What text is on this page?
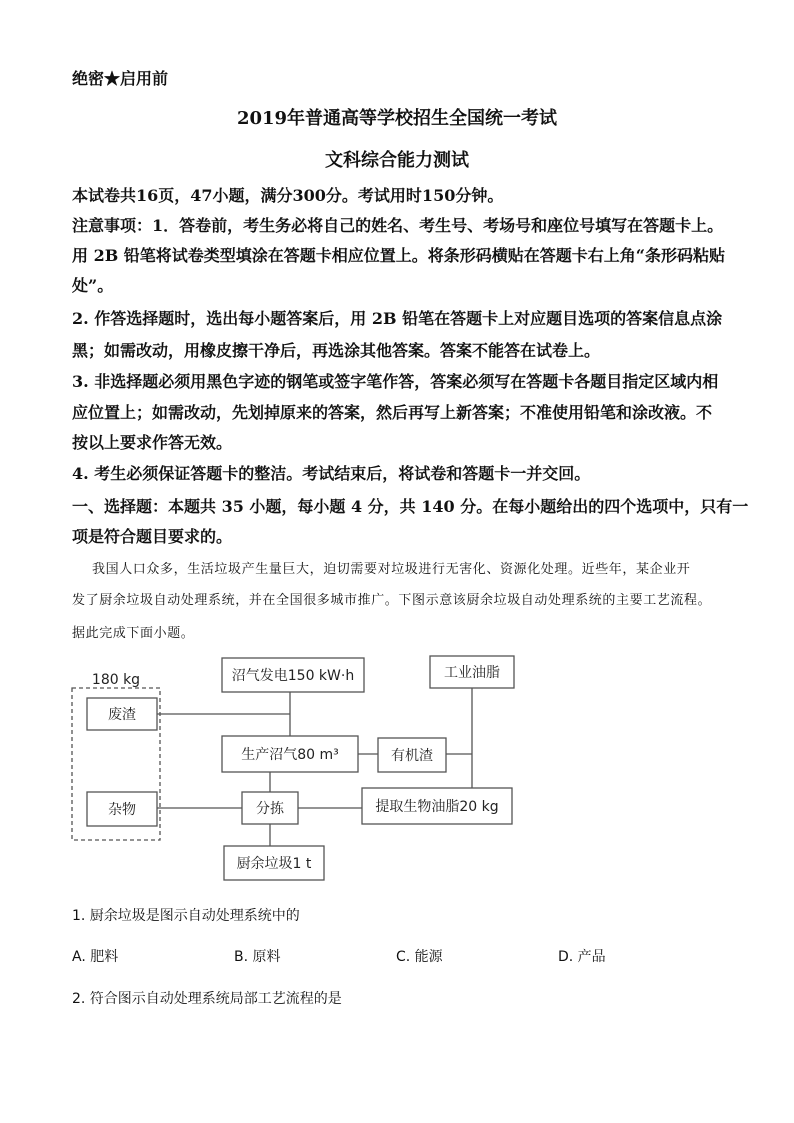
绝密★启用前
2019年普通高等学校招生全国统一考试
文科综合能力测试
本试卷共16页，47小题，满分300分。考试用时150分钟。
注意事项：1．答卷前，考生务必将自己的姓名、考生号、考场号和座位号填写在答题卡上。
用 2B 铅笔将试卷类型填涂在答题卡相应位置上。将条形码横贴在答题卡右上角“条形码粘贴
处”。
2. 作答选择题时，选出每小题答案后，用 2B 铅笔在答题卡上对应题目选项的答案信息点涂
黑；如需改动，用橡皮擦干净后，再选涂其他答案。答案不能答在试卷上。
3. 非选择题必须用黑色字迹的钢笔或签字笔作答，答案必须写在答题卡各题目指定区域内相
应位置上；如需改动，先划掉原来的答案，然后再写上新答案；不准使用铅笔和涂改液。不
按以上要求作答无效。
4. 考生必须保证答题卡的整洁。考试结束后，将试卷和答题卡一并交回。
一、选择题：本题共 35 小题，每小题 4 分，共 140 分。在每小题给出的四个选项中，只有一
项是符合题目要求的。
我国人口众多，生活垃圾产生量巨大，迫切需要对垃圾进行无害化、资源化处理。近些年，某企业开
发了厨余垃圾自动处理系统，并在全国很多城市推广。下图示意该厨余垃圾自动处理系统的主要工艺流程。
据此完成下面小题。
180 kg	沼气发电150 kW·h	工业油脂
废渣
生产沼气80 m³	有机渣
杂物	分拣	提取生物油脂20 kg
厨余垃圾1 t
1. 厨余垃圾是图示自动处理系统中的
A. 肥料	B. 原料	C. 能源	D. 产品
2. 符合图示自动处理系统局部工艺流程的是
